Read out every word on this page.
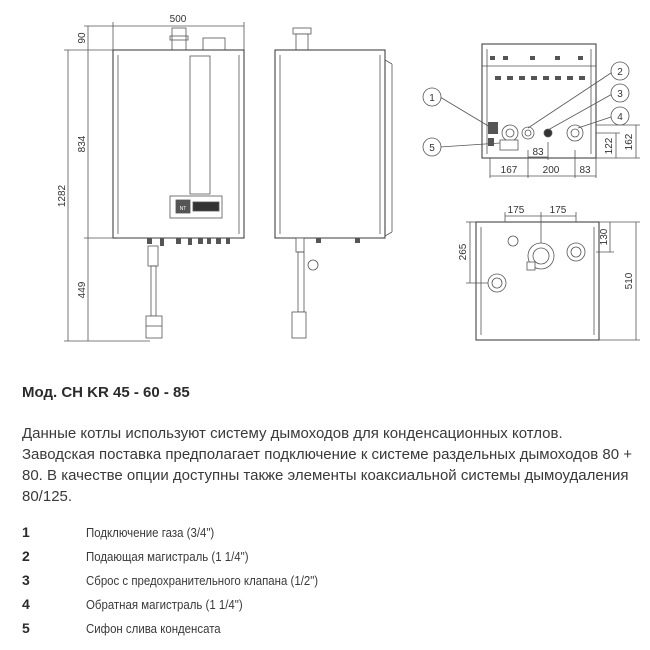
500
90
834
1282
449
167	200 83
83	122 162
175	175
265
130
510
NT
1
5
2
3
4
Мод. CH KR 45 - 60 - 85
Данные котлы используют систему дымоходов для конденсационных котлов. Заводская поставка предполагает подключение к системе раздельных дымоходов 80 + 80. В качестве опции доступны также элементы коаксиальной системы дымоудаления 80/125.
1	Подключение газа (3/4")
2	Подающая магистраль (1 1/4")
3	Сброс с предохранительного клапана (1/2")
4	Обратная магистраль (1 1/4")
5	Сифон слива конденсата
